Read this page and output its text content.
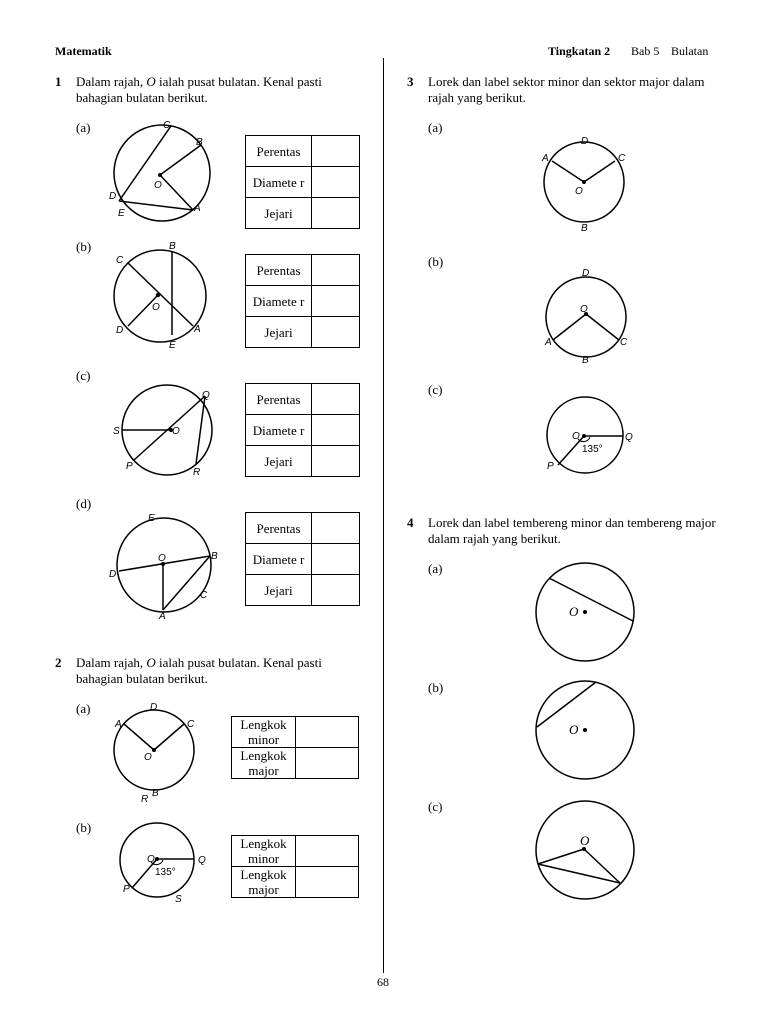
Matematik	Tingkatan 2 Bab 5 Bulatan
1 Dalam rajah, O ialah pusat bulatan. Kenal pasti bahagian bulatan berikut.
(a)	C
B
O
D
E	A
Perentas	
Diamete r	
Jejari	
(b)	B
C
O
D	A
E
Perentas	
Diamete r	
Jejari	
(c)
Q
S	O
P
R
Perentas	
Diamete r	
Jejari	
(d)
E
O	B
D
C
A
Perentas	
Diamete r	
Jejari	
2 Dalam rajah, O ialah pusat bulatan. Kenal pasti bahagian bulatan berikut.
(a)	D
A	C
O
B
R
Lengkok minor	
Lengkok major	
(b)
O	Q
P
S
135°
Lengkok minor	
Lengkok major	
3 Lorek dan label sektor minor dan sektor major dalam rajah yang berikut.
(a)
D
A	C
O
B
(b)
D
O
A	C
B
(c)
O	Q
P
135°
4 Lorek dan label tembereng minor dan tembereng major dalam rajah yang berikut.
(a)
O
(b)
O
(c)
O
68
